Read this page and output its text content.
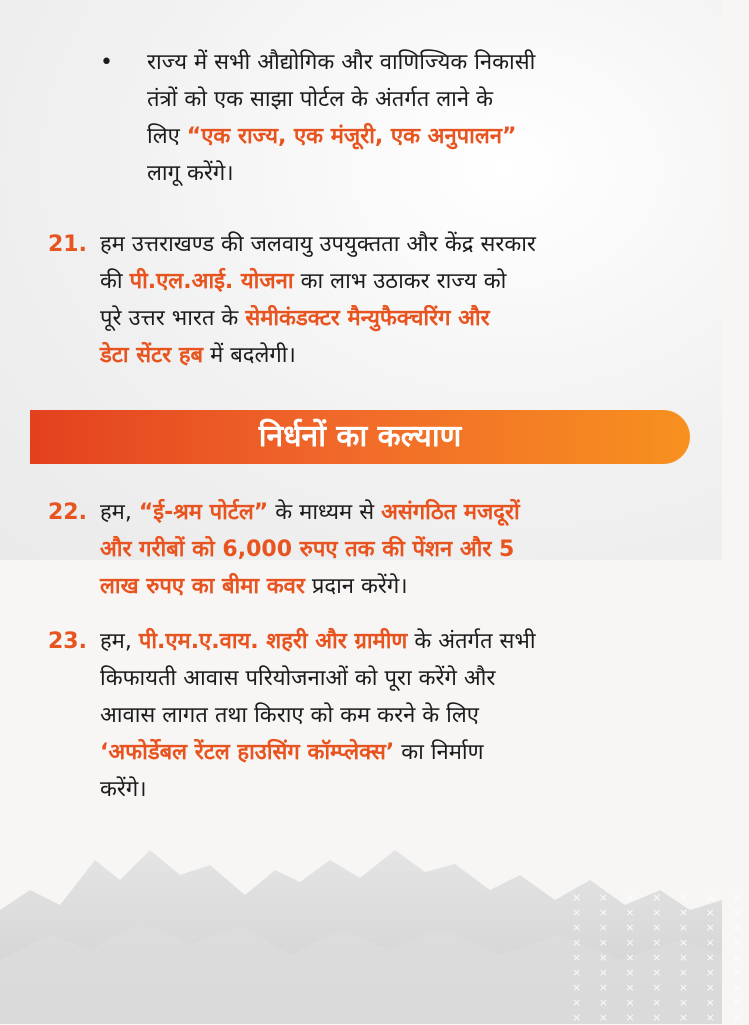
× × × × × × ×
× × × × × × ×
× × × × × × ×
× × × × × × ×
× × × × × × ×
× × × × × × ×
× × × × × × ×
× × × × × × ×
× × × × × × ×
• राज्य में सभी औद्योगिक और वाणिज्यिक निकासी
तंत्रों को एक साझा पोर्टल के अंतर्गत लाने के
लिए “एक राज्य, एक मंजूरी, एक अनुपालन”
लागू करेंगे।
21. हम उत्तराखण्ड की जलवायु उपयुक्तता और केंद्र सरकार
की पी.एल.आई. योजना का लाभ उठाकर राज्य को
पूरे उत्तर भारत के सेमीकंडक्टर मैन्युफैक्चरिंग और
डेटा सेंटर हब में बदलेगी।
निर्धनों का कल्याण
22. हम, “ई-श्रम पोर्टल” के माध्यम से असंगठित मजदूरों
और गरीबों को 6,000 रुपए तक की पेंशन और 5
लाख रुपए का बीमा कवर प्रदान करेंगे।
23. हम, पी.एम.ए.वाय. शहरी और ग्रामीण के अंतर्गत सभी
किफायती आवास परियोजनाओं को पूरा करेंगे और
आवास लागत तथा किराए को कम करने के लिए
‘अफोर्डेबल रेंटल हाउसिंग कॉम्प्लेक्स’ का निर्माण
करेंगे।
